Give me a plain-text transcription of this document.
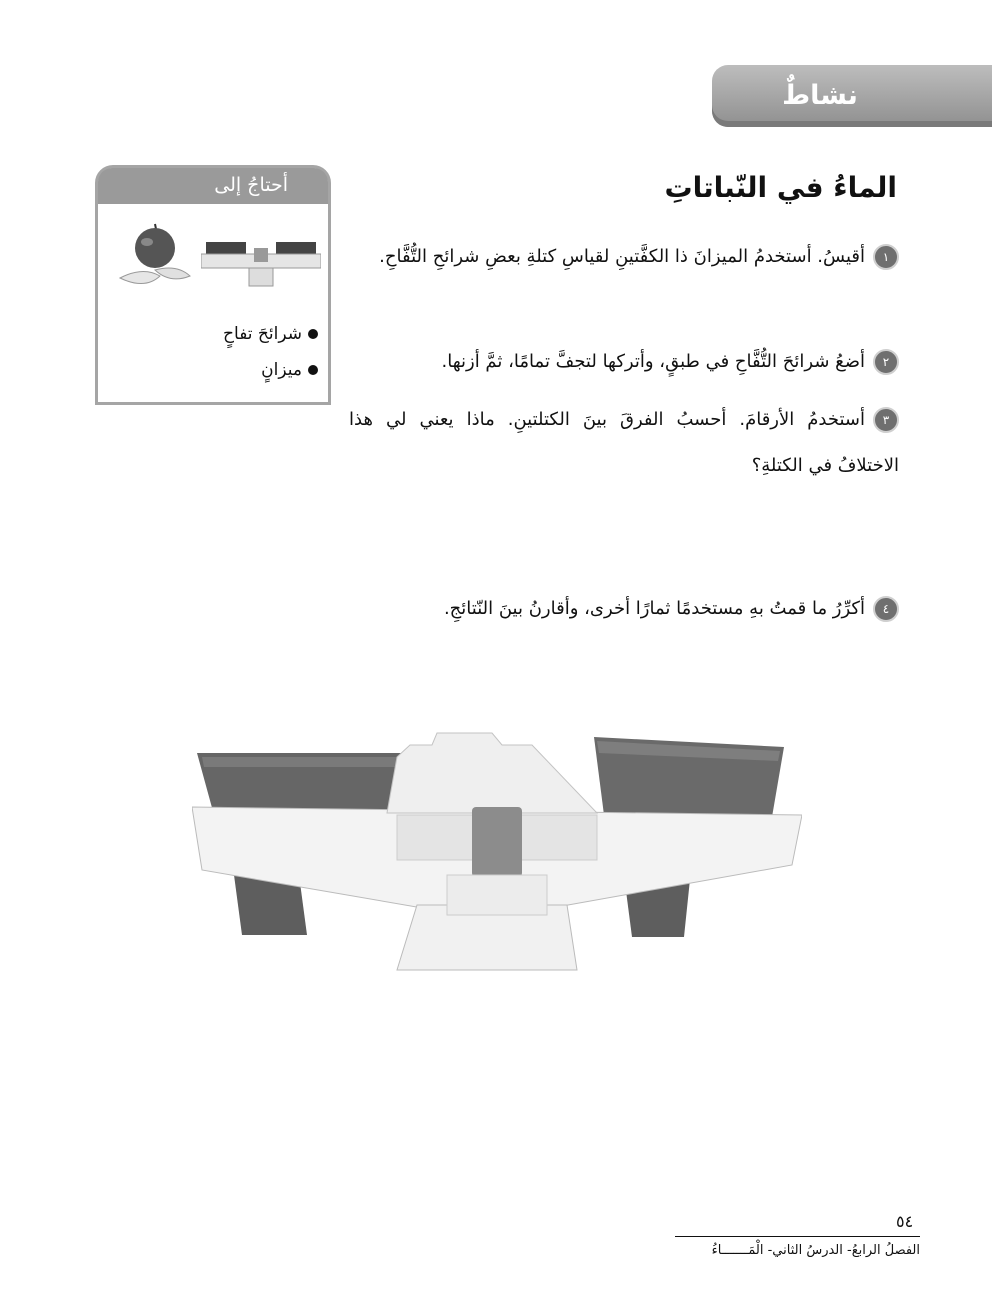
نشاطٌ
أحتاجُ إلى
شرائحَ تفاحٍ
ميزانٍ
الماءُ في النّباتاتِ
١أقيسُ. أستخدمُ الميزانَ ذا الكفَّتينِ لقياسِ كتلةِ بعضِ شرائحِ التُّفَّاحِ.
٢أضعُ شرائحَ التُّفَّاحِ في طبقٍ، وأتركها لتجفَّ تمامًا، ثمَّ أزنها.
٣أستخدمُ الأرقامَ. أحسبُ الفرقَ بينَ الكتلتينِ. ماذا يعني لي هذا الاختلافُ في الكتلةِ؟
٤أكرِّرُ ما قمتُ بهِ مستخدمًا ثمارًا أخرى، وأقارنُ بينَ النّتائجِ.
٥٤
الفصلُ الرابعُ- الدرسُ الثاني- الْمَـــــــاءُ
